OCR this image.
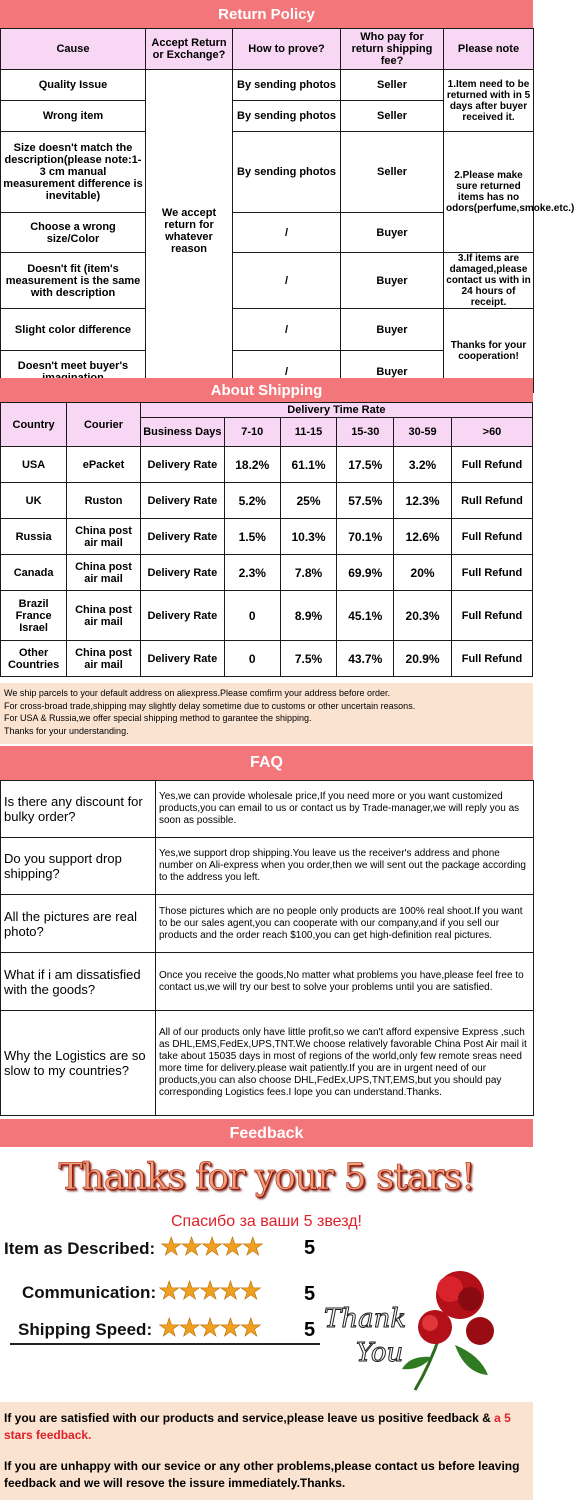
Return Policy
Cause	Accept Return or Exchange?	How to prove?	Who pay for return shipping fee?	Please note
Quality Issue	We accept return for whatever reason	By sending photos	Seller	1.Item need to be returned with in 5 days after buyer received it.
Wrong item		By sending photos	Seller	
Size doesn't match the description(please note:1-3 cm manual measurement difference is inevitable)		By sending photos	Seller	2.Please make sure returned items has no odors(perfume,smoke.etc.)
Choose a wrong size/Color		/	Buyer	
Doesn't fit (item's measurement is the same with description		/	Buyer	3.If items are damaged,please contact us with in 24 hours of receipt.
Slight color difference		/	Buyer	Thanks for your cooperation!
Doesn't meet buyer's		/	Buyer	
About Shipping
Country	Courier	Delivery Time Rate					
		Business Days	7-10	11-15	15-30	30-59	>60
USA	ePacket	Delivery Rate	18.2%	61.1%	17.5%	3.2%	Full Refund
UK	Ruston	Delivery Rate	5.2%	25%	57.5%	12.3%	Rull Refund
Russia	China post air mail	Delivery Rate	1.5%	10.3%	70.1%	12.6%	Full Refund
Canada	China post air mail	Delivery Rate	2.3%	7.8%	69.9%	20%	Full Refund
Brazil France Israel	China post air mail	Delivery Rate	0	8.9%	45.1%	20.3%	Full Refund
Other Countries	China post air mail	Delivery Rate	0	7.5%	43.7%	20.9%	Full Refund
We ship parcels to your default address on aliexpress.Please comfirm your address before order.
For cross-broad trade,shipping may slightly delay sometime due to customs or other uncertain reasons.
For USA & Russia,we offer special shipping method to garantee the shipping.
Thanks for your understanding.
FAQ
Is there any discount for bulky order?	Yes,we can provide wholesale price,If you need more or you want customized products,you can email to us or contact us by Trade-manager,we will reply you as soon as possible.
Do you support drop shipping?	Yes,we support drop shipping.You leave us the receiver's address and phone number on Ali-express when you order,then we will sent out the package according to the address you left.
All the pictures are real photo?	Those pictures which are no people only products are 100% real shoot.If you want to be our sales agent,you can cooperate with our company,and if you sell our products and the order reach $100,you can get high-definition real pictures.
What if i am dissatisfied with the goods?	Once you receive the goods,No matter what problems you have,please feel free to contact us,we will try our best to solve your problems until you are satisfied.
Why the Logistics are so slow to my countries?	All of our products only have little profit,so we can't afford expensive Express ,such as DHL,EMS,FedEx,UPS,TNT.We choose relatively favorable China Post Air mail it take about 15035 days in most of regions of the world,only few remote sreas need more time for delivery.please wait patiently.If you are in urgent need of our products,you can also choose DHL,FedEx,UPS,TNT,EMS,but you should pay corresponding Logistics fees.I lope you can understand.Thanks.
Feedback
Thanks for your 5 stars!
Спасибо за ваши 5 звезд!
Item as Described: ★★★★★ 5
Communication: ★★★★★ 5
Shipping Speed: ★★★★★ 5 Thank
You
If you are satisfied with our products and service,please leave us positive feedback & a 5 stars feedback.
If you are unhappy with our sevice or any other problems,please contact us before leaving feedback and we will resove the issure immediately.Thanks.
